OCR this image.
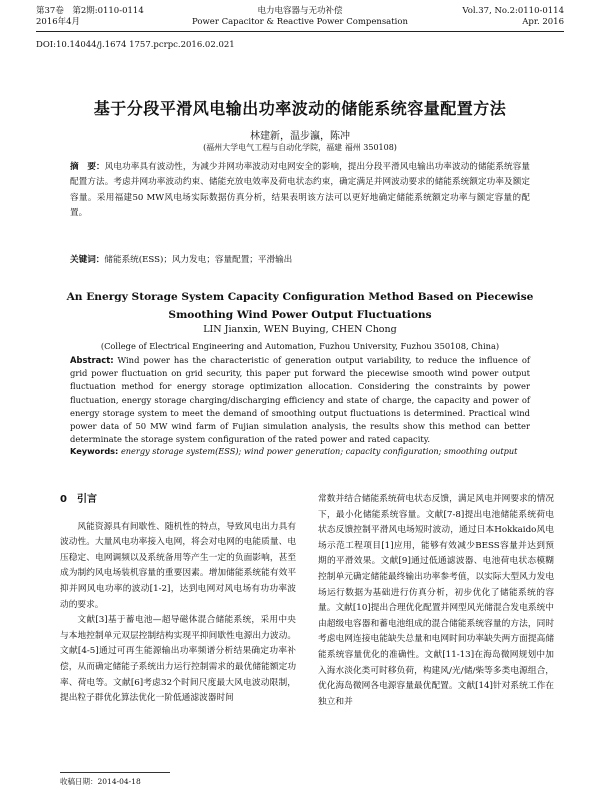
第37卷　第2期:0110-0114
2016年4月
电力电容器与无功补偿
Power Capacitor & Reactive Power Compensation
Vol.37, No.2:0110-0114
Apr. 2016
DOI:10.14044/j.1674 1757.pcrpc.2016.02.021
基于分段平滑风电输出功率波动的储能系统容量配置方法
林建新，温步瀛，陈冲
(福州大学电气工程与自动化学院，福建 福州 350108)
摘　要：风电功率具有波动性，为减少并网功率波动对电网安全的影响，提出分段平滑风电输出功率波动的储能系统容量配置方法。考虑并网功率波动约束、储能充放电效率及荷电状态约束，确定满足并网波动要求的储能系统额定功率及额定容量。采用福建50 MW风电场实际数据仿真分析，结果表明该方法可以更好地确定储能系统额定功率与额定容量的配置。
关键词：储能系统(ESS)；风力发电；容量配置；平滑输出
An Energy Storage System Capacity Configuration Method Based on Piecewise Smoothing Wind Power Output Fluctuations
LIN Jianxin, WEN Buying, CHEN Chong
(College of Electrical Engineering and Automation, Fuzhou University, Fuzhou 350108, China)
Abstract: Wind power has the characteristic of generation output variability, to reduce the influence of grid power fluctuation on grid security, this paper put forward the piecewise smooth wind power output fluctuation method for energy storage optimization allocation. Considering the constraints by power fluctuation, energy storage charging/discharging efficiency and state of charge, the capacity and power of energy storage system to meet the demand of smoothing output fluctuations is determined. Practical wind power data of 50 MW wind farm of Fujian simulation analysis, the results show this method can better determinate the storage system configuration of the rated power and rated capacity.
Keywords: energy storage system(ESS); wind power generation; capacity configuration; smoothing output
0　引言

风能资源具有间歇性、随机性的特点，导致风电出力具有波动性。大量风电功率接入电网，将会对电网的电能质量、电压稳定、电网调频以及系统备用等产生一定的负面影响，甚至成为制约风电场装机容量的重要因素。增加储能系统能有效平抑并网风电功率的波动[1-2]，达到电网对风电场有功功率波动的要求。

文献[3]基于蓄电池—超导磁体混合储能系统，采用中央与本地控制单元双层控制结构实现平抑间歇性电源出力波动。文献[4-5]通过可再生能源输出功率频谱分析结果确定功率补偿，从而确定储能子系统出力运行控制需求的最优储能额定功率、荷电等。文献[6]考虑32个时间尺度最大风电波动限制，提出粒子群优化算法优化一阶低通滤波器时间

常数并结合储能系统荷电状态反馈，满足风电并网要求的情况下，最小化储能系统容量。文献[7-8]提出电池储能系统荷电状态反馈控制平滑风电场短时波动，通过日本Hokkaido风电场示范工程项目[1]应用，能够有效减少BESS容量并达到预期的平滑效果。文献[9]通过低通滤波器、电池荷电状态模糊控制单元确定储能最终输出功率参考值，以实际大型风力发电场运行数据为基础进行仿真分析，初步优化了储能系统的容量。文献[10]提出合理优化配置并网型风光储混合发电系统中由超级电容器和蓄电池组成的混合储能系统容量的方法，同时考虑电网连接电能缺失总量和电网时间功率缺失两方面提高储能系统容量优化的准确性。文献[11-13]在海岛微网规划中加入海水淡化类可时移负荷，构建风/光/储/柴等多类电源组合，优化海岛微网各电源容量最优配置。文献[14]针对系统工作在独立和并

收稿日期：2014-04-18
